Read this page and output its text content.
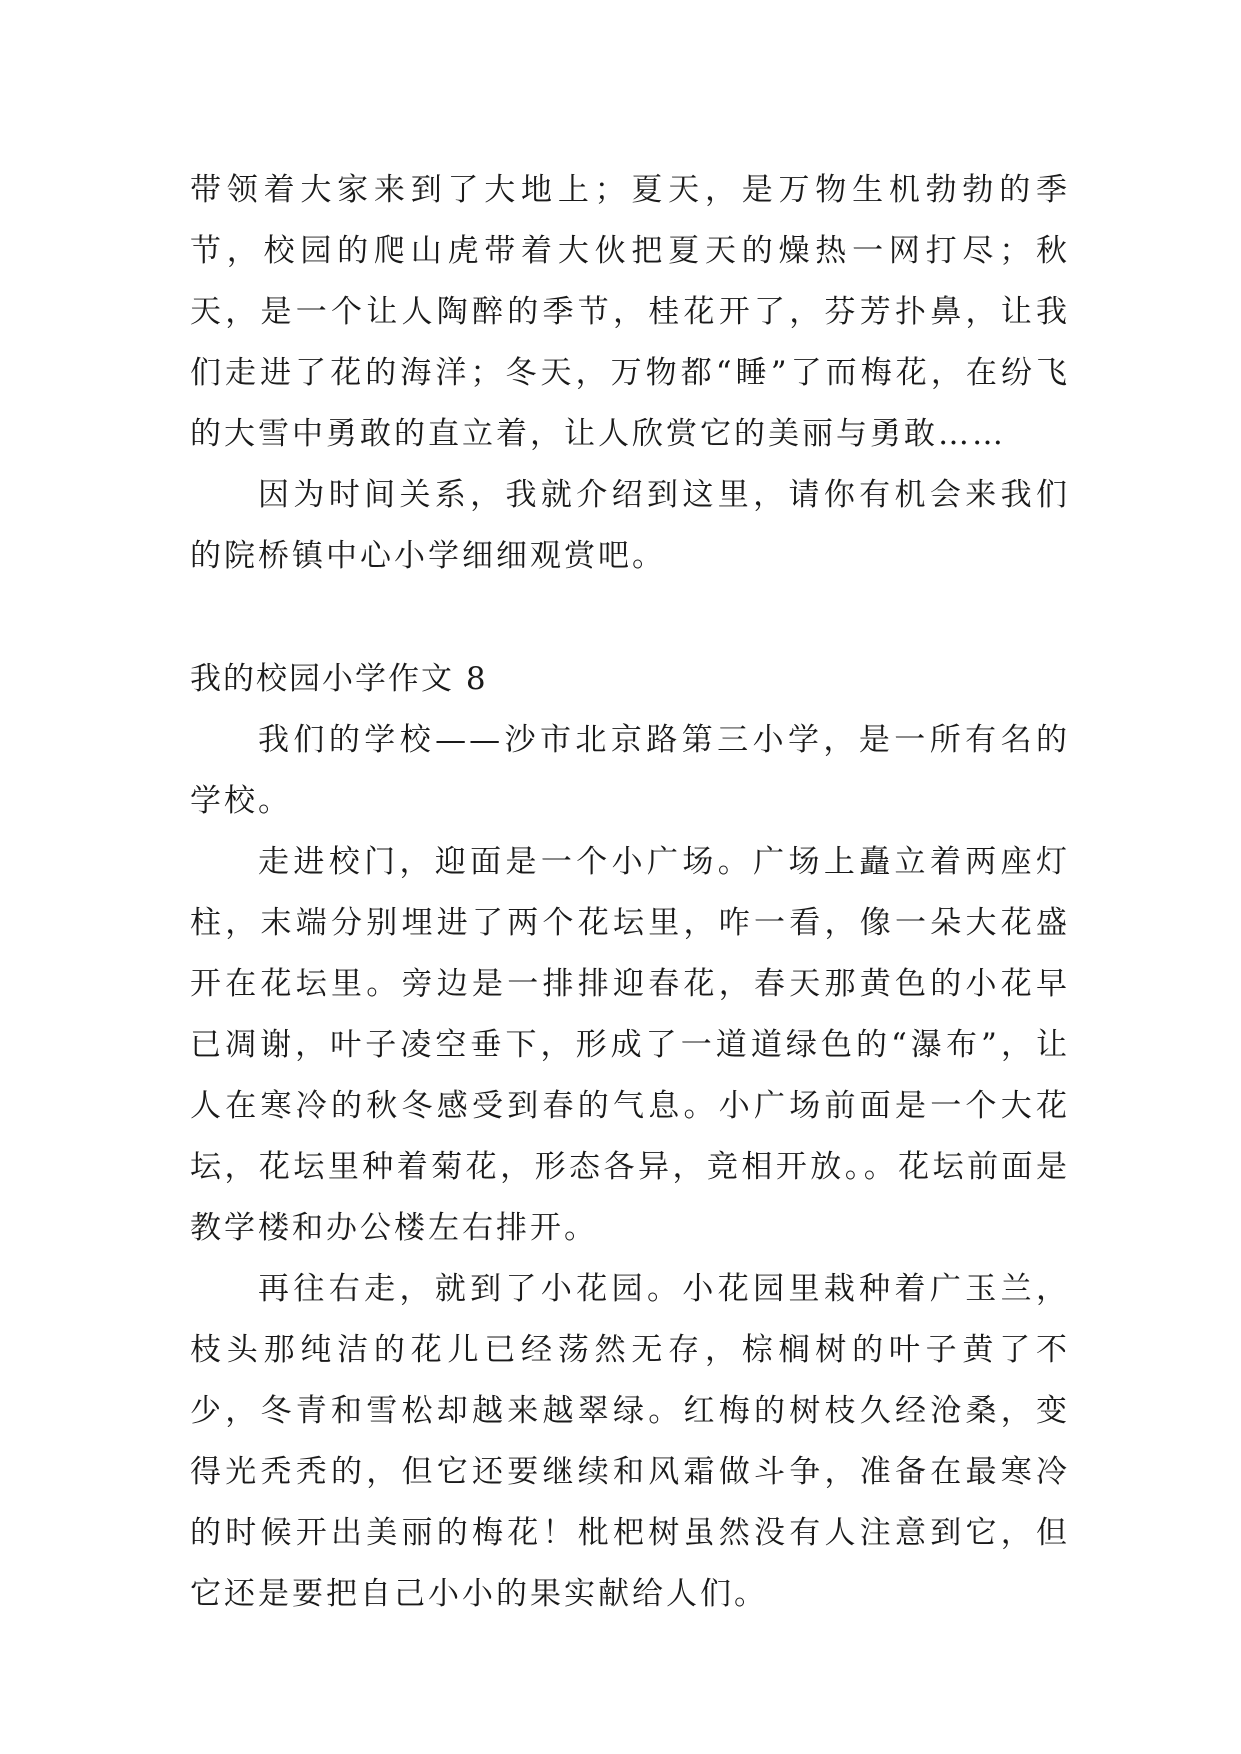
带领着大家来到了大地上；夏天，是万物生机勃勃的季节，校园的爬山虎带着大伙把夏天的燥热一网打尽；秋天，是一个让人陶醉的季节，桂花开了，芬芳扑鼻，让我们走进了花的海洋；冬天，万物都“睡”了而梅花，在纷飞的大雪中勇敢的直立着，让人欣赏它的美丽与勇敢……

因为时间关系，我就介绍到这里，请你有机会来我们的院桥镇中心小学细细观赏吧。

我的校园小学作文 8

我们的学校——沙市北京路第三小学，是一所有名的学校。

走进校门，迎面是一个小广场。广场上矗立着两座灯柱，末端分别埋进了两个花坛里，咋一看，像一朵大花盛开在花坛里。旁边是一排排迎春花，春天那黄色的小花早已凋谢，叶子凌空垂下，形成了一道道绿色的“瀑布”，让人在寒冷的秋冬感受到春的气息。小广场前面是一个大花坛，花坛里种着菊花，形态各异，竞相开放。。花坛前面是教学楼和办公楼左右排开。

再往右走，就到了小花园。小花园里栽种着广玉兰，枝头那纯洁的花儿已经荡然无存，棕榈树的叶子黄了不少，冬青和雪松却越来越翠绿。红梅的树枝久经沧桑，变得光秃秃的，但它还要继续和风霜做斗争，准备在最寒冷的时候开出美丽的梅花！枇杷树虽然没有人注意到它，但它还是要把自己小小的果实献给人们。
